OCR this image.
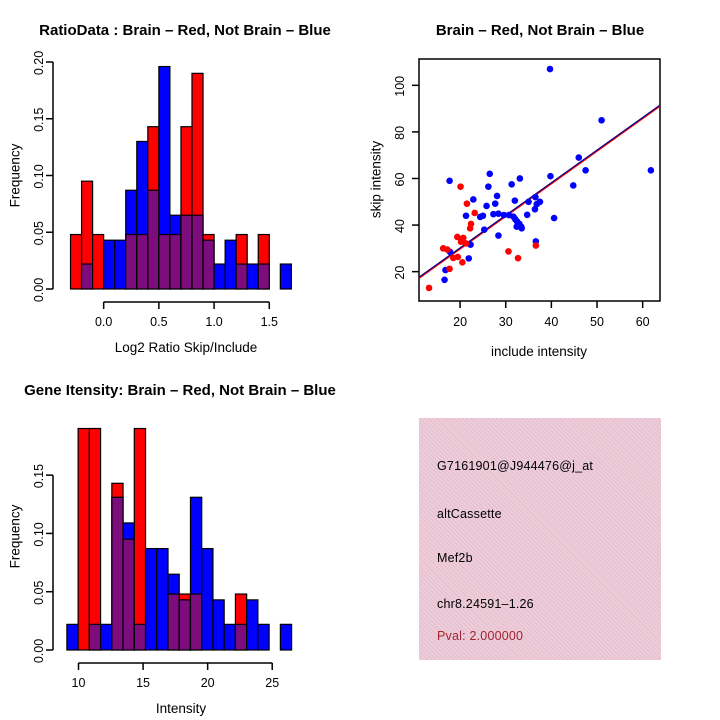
0.00
0.05
0.10
0.15
0.20
0.0	0.5	1.0	1.5	20	30	40	50	60
20
40
60
80
100
0.00
0.05
0.10
0.15
10	15	20	25
RatioData : Brain – Red, Not Brain – Blue	Brain – Red, Not Brain – Blue
Gene Itensity: Brain – Red, Not Brain – Blue
Log2 Ratio Skip/Include	include intensity
Intensity
Frequency	skip intensity
Frequency
G7161901@J944476@j_at
altCassette
Mef2b
chr8.24591–1.26
Pval: 2.000000
